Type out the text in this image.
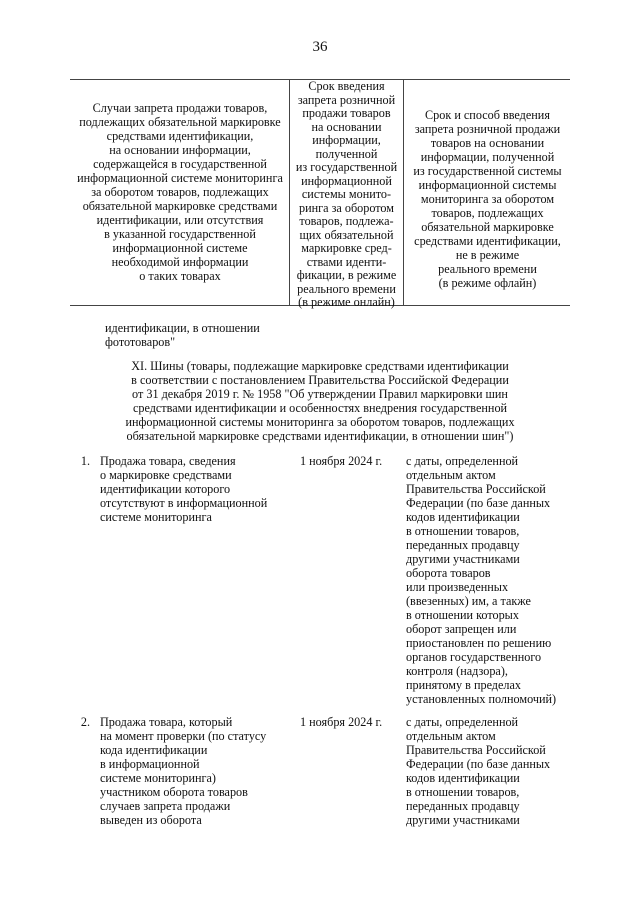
36
Случаи запрета продажи товаров,
подлежащих обязательной маркировке
средствами идентификации,
на основании информации,
содержащейся в государственной
информационной системе мониторинга
за оборотом товаров, подлежащих
обязательной маркировке средствами
идентификации, или отсутствия
в указанной государственной
информационной системе
необходимой информации
о таких товарах
Срок введения
запрета розничной
продажи товаров
на основании
информации,
полученной
из государственной
информационной
системы монито-
ринга за оборотом
товаров, подлежа-
щих обязательной
маркировке сред-
ствами иденти-
фикации, в режиме
реального времени
(в режиме онлайн)
Срок и способ введения
запрета розничной продажи
товаров на основании
информации, полученной
из государственной системы
информационной системы
мониторинга за оборотом
товаров, подлежащих
обязательной маркировке
средствами идентификации,
не в режиме
реального времени
(в режиме офлайн)
идентификации, в отношении
фототоваров"
XI. Шины (товары, подлежащие маркировке средствами идентификации
в соответствии с постановлением Правительства Российской Федерации
от 31 декабря 2019 г. № 1958 "Об утверждении Правил маркировки шин
средствами идентификации и особенностях внедрения государственной
информационной системы мониторинга за оборотом товаров, подлежащих
обязательной маркировке средствами идентификации, в отношении шин")
1. Продажа товара, сведения
о маркировке средствами
идентификации которого
отсутствуют в информационной
системе мониторинга
1 ноября 2024 г. с даты, определенной
отдельным актом
Правительства Российской
Федерации (по базе данных
кодов идентификации
в отношении товаров,
переданных продавцу
другими участниками
оборота товаров
или произведенных
(ввезенных) им, а также
в отношении которых
оборот запрещен или
приостановлен по решению
органов государственного
контроля (надзора),
принятому в пределах
установленных полномочий)
2. Продажа товара, который
на момент проверки (по статусу
кода идентификации
в информационной
системе мониторинга)
участником оборота товаров
случаев запрета продажи
выведен из оборота
1 ноября 2024 г. с даты, определенной
отдельным актом
Правительства Российской
Федерации (по базе данных
кодов идентификации
в отношении товаров,
переданных продавцу
другими участниками
